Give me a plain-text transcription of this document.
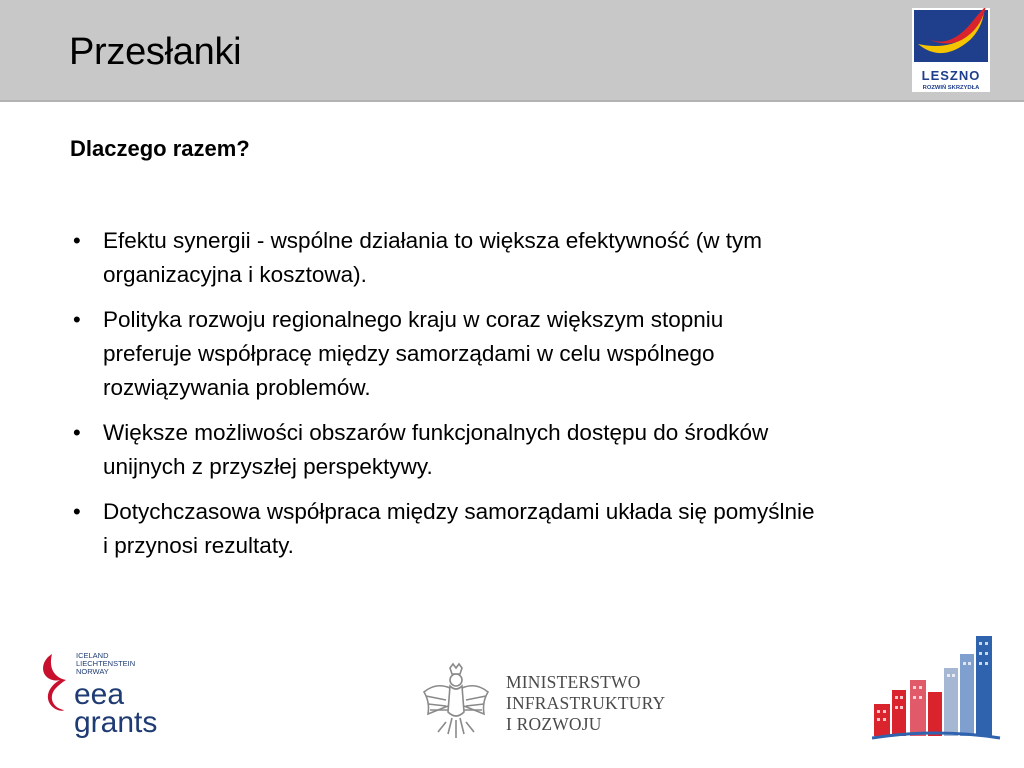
Przesłanki
LESZNO
ROZWIŃ SKRZYDŁA
Dlaczego razem?
• Efektu synergii - wspólne działania to większa efektywność (w tym
organizacyjna i kosztowa).
• Polityka rozwoju regionalnego kraju w coraz większym stopniu
preferuje współpracę między samorządami w celu wspólnego
rozwiązywania problemów.
• Większe możliwości obszarów funkcjonalnych dostępu do środków
unijnych z przyszłej perspektywy.
• Dotychczasowa współpraca między samorządami układa się pomyślnie
i przynosi rezultaty.
ICELAND
LIECHTENSTEIN
NORWAY
eea
grants
MINISTERSTWO
INFRASTRUKTURY
I ROZWOJU
